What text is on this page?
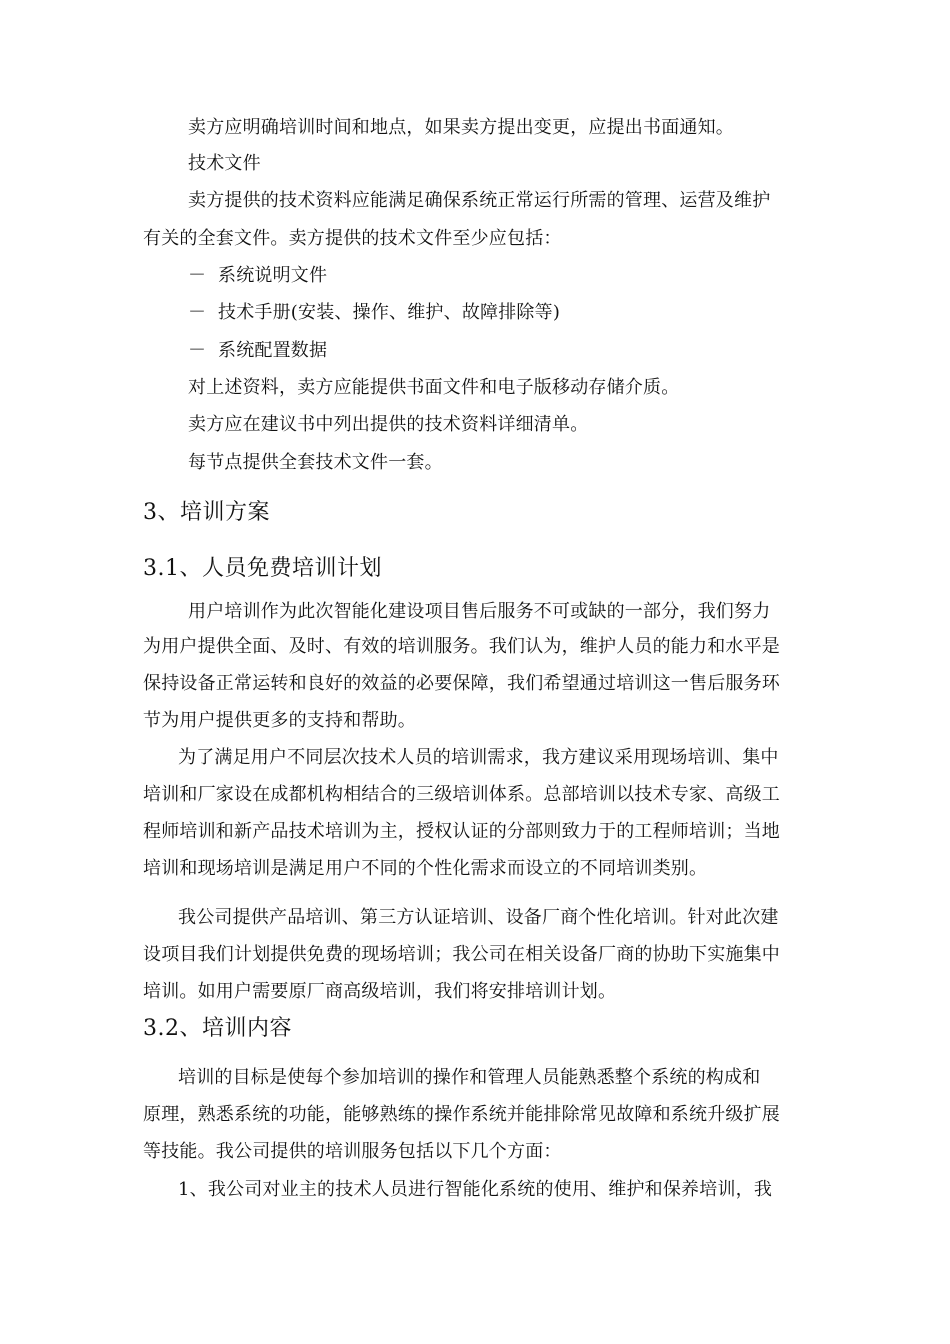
卖方应明确培训时间和地点，如果卖方提出变更，应提出书面通知。
技术文件
卖方提供的技术资料应能满足确保系统正常运行所需的管理、运营及维护
有关的全套文件。卖方提供的技术文件至少应包括：
－ 系统说明文件
－ 技术手册(安装、操作、维护、故障排除等)
－ 系统配置数据
对上述资料，卖方应能提供书面文件和电子版移动存储介质。
卖方应在建议书中列出提供的技术资料详细清单。
每节点提供全套技术文件一套。
3、培训方案
3.1、人员免费培训计划
用户培训作为此次智能化建设项目售后服务不可或缺的一部分，我们努力
为用户提供全面、及时、有效的培训服务。我们认为，维护人员的能力和水平是
保持设备正常运转和良好的效益的必要保障，我们希望通过培训这一售后服务环
节为用户提供更多的支持和帮助。
为了满足用户不同层次技术人员的培训需求，我方建议采用现场培训、集中
培训和厂家设在成都机构相结合的三级培训体系。总部培训以技术专家、高级工
程师培训和新产品技术培训为主，授权认证的分部则致力于的工程师培训；当地
培训和现场培训是满足用户不同的个性化需求而设立的不同培训类别。
我公司提供产品培训、第三方认证培训、设备厂商个性化培训。针对此次建
设项目我们计划提供免费的现场培训；我公司在相关设备厂商的协助下实施集中
培训。如用户需要原厂商高级培训，我们将安排培训计划。
3.2、培训内容
培训的目标是使每个参加培训的操作和管理人员能熟悉整个系统的构成和
原理，熟悉系统的功能，能够熟练的操作系统并能排除常见故障和系统升级扩展
等技能。我公司提供的培训服务包括以下几个方面：
1、我公司对业主的技术人员进行智能化系统的使用、维护和保养培训，我
